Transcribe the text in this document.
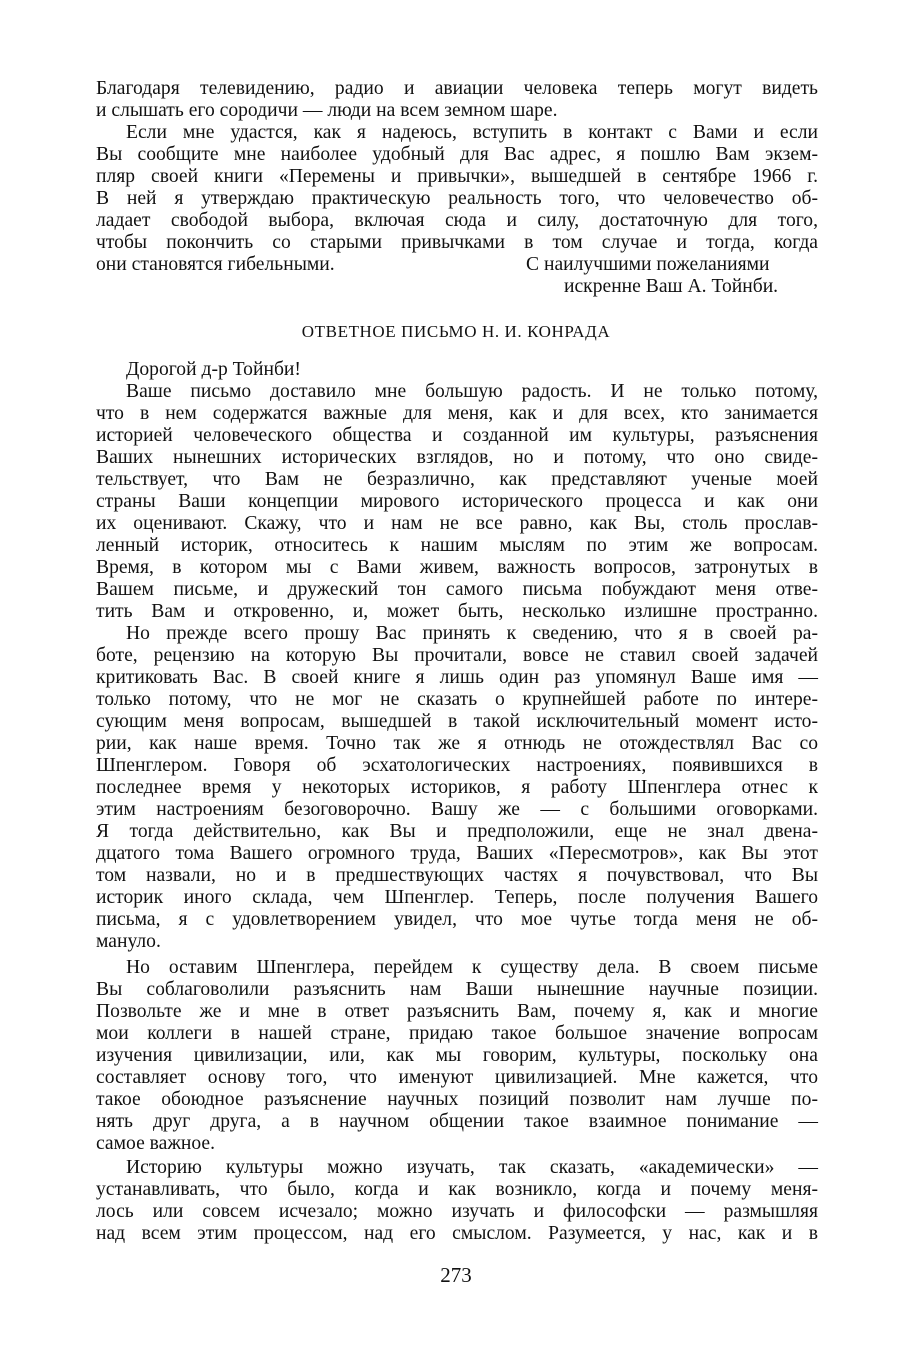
Благодаря телевидению, радио и авиации человека теперь могут видеть
и слышать его сородичи — люди на всем земном шаре.
Если мне удастся, как я надеюсь, вступить в контакт с Вами и если
Вы сообщите мне наиболее удобный для Вас адрес, я пошлю Вам экзем-
пляр своей книги «Перемены и привычки», вышедшей в сентябре 1966 г.
В ней я утверждаю практическую реальность того, что человечество об-
ладает свободой выбора, включая сюда и силу, достаточную для того,
чтобы покончить со старыми привычками в том случае и тогда, когда
они становятся гибельными.	С наилучшими пожеланиями
искренне Ваш А. Тойнби.
ОТВЕТНОЕ ПИСЬМО Н. И. КОНРАДА
Дорогой д-р Тойнби!
Ваше письмо доставило мне большую радость. И не только потому,
что в нем содержатся важные для меня, как и для всех, кто занимается
историей человеческого общества и созданной им культуры, разъяснения
Ваших нынешних исторических взглядов, но и потому, что оно свиде-
тельствует, что Вам не безразлично, как представляют ученые моей
страны Ваши концепции мирового исторического процесса и как они
их оценивают. Скажу, что и нам не все равно, как Вы, столь прослав-
ленный историк, относитесь к нашим мыслям по этим же вопросам.
Время, в котором мы с Вами живем, важность вопросов, затронутых в
Вашем письме, и дружеский тон самого письма побуждают меня отве-
тить Вам и откровенно, и, может быть, несколько излишне пространно.
Но прежде всего прошу Вас принять к сведению, что я в своей ра-
боте, рецензию на которую Вы прочитали, вовсе не ставил своей задачей
критиковать Вас. В своей книге я лишь один раз упомянул Ваше имя —
только потому, что не мог не сказать о крупнейшей работе по интере-
сующим меня вопросам, вышедшей в такой исключительный момент исто-
рии, как наше время. Точно так же я отнюдь не отождествлял Вас со
Шпенглером. Говоря об эсхатологических настроениях, появившихся в
последнее время у некоторых историков, я работу Шпенглера отнес к
этим настроениям безоговорочно. Вашу же — с большими оговорками.
Я тогда действительно, как Вы и предположили, еще не знал двена-
дцатого тома Вашего огромного труда, Ваших «Пересмотров», как Вы этот
том назвали, но и в предшествующих частях я почувствовал, что Вы
историк иного склада, чем Шпенглер. Теперь, после получения Вашего
письма, я с удовлетворением увидел, что мое чутье тогда меня не об-
мануло.
Но оставим Шпенглера, перейдем к существу дела. В своем письме
Вы соблаговолили разъяснить нам Ваши нынешние научные позиции.
Позвольте же и мне в ответ разъяснить Вам, почему я, как и многие
мои коллеги в нашей стране, придаю такое большое значение вопросам
изучения цивилизации, или, как мы говорим, культуры, поскольку она
составляет основу того, что именуют цивилизацией. Мне кажется, что
такое обоюдное разъяснение научных позиций позволит нам лучше по-
нять друг друга, а в научном общении такое взаимное понимание —
самое важное.
Историю культуры можно изучать, так сказать, «академически» —
устанавливать, что было, когда и как возникло, когда и почему меня-
лось или совсем исчезало; можно изучать и философски — размышляя
над всем этим процессом, над его смыслом. Разумеется, у нас, как и в
273
